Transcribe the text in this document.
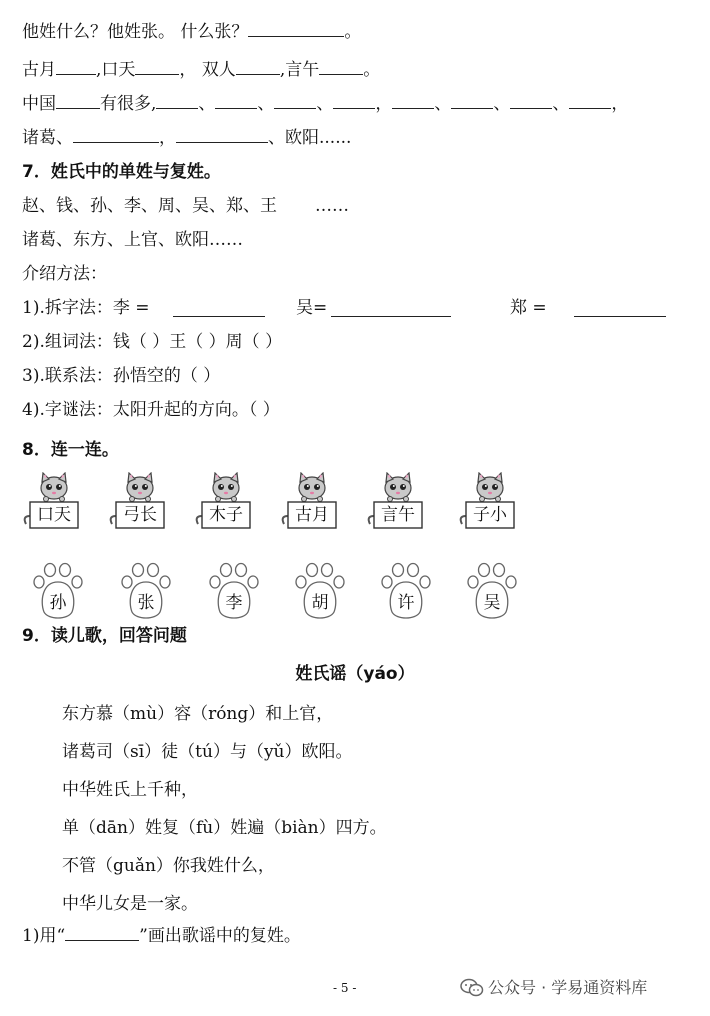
他姓什么？他姓张。 什么张？	。
古月 ,口天	， 双人	,言午	。
中国	有很多, 、 、 、 ， 、 、 、 ，
诸葛、	，	、欧阳......
7．姓氏中的单姓与复姓。
赵、钱、孙、李、周、吴、郑、王 ……
诸葛、东方、上官、欧阳……
介绍方法：
1).拆字法：李 =	吴=	郑 =
2).组词法：钱（ ）王（ ）周（ ）
3).联系法：孙悟空的（ ）
4).字谜法：太阳升起的方向。（ ）
8．连一连。
口天	弓长	木子	古月	言午	子小
孙	张	李	胡	许	吴
9．读儿歌，回答问题
姓氏谣（yáo）
东方慕（mù）容（róng）和上官，
诸葛司（sī）徒（tú）与（yǔ）欧阳。
中华姓氏上千种，
单（dān）姓复（fù）姓遍（biàn）四方。
不管（guǎn）你我姓什么，
中华儿女是一家。
1)用“	”画出歌谣中的复姓。
- 5 -	公众号 · 学易通资料库
